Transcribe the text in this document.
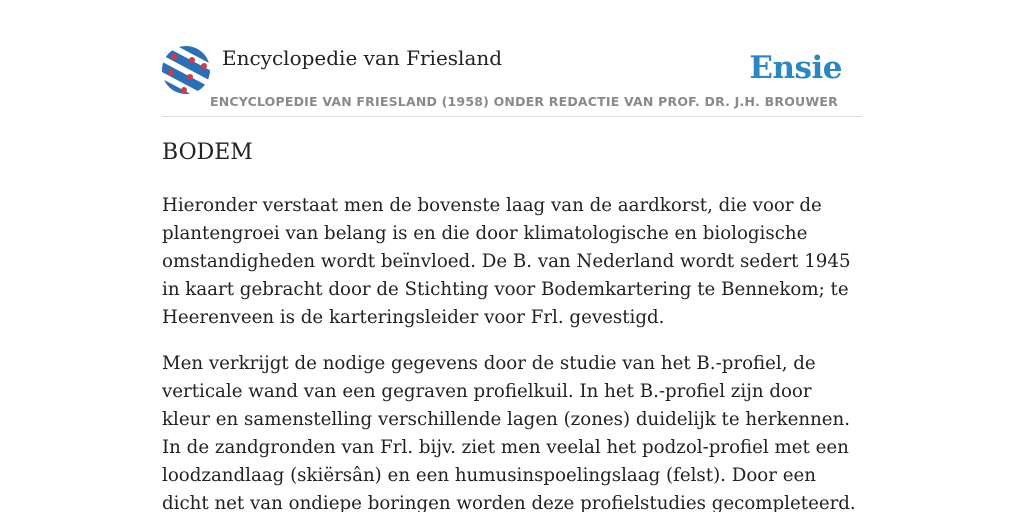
Encyclopedie van Friesland	Ensie
ENCYCLOPEDIE VAN FRIESLAND (1958) ONDER REDACTIE VAN PROF. DR. J.H. BROUWER
BODEM

Hieronder verstaat men de bovenste laag van de aardkorst, die voor de plantengroei van belang is en die door klimatologische en biologische omstandigheden wordt beïnvloed. De B. van Nederland wordt sedert 1945 in kaart gebracht door de Stichting voor Bodemkartering te Bennekom; te Heerenveen is de karteringsleider voor Frl. gevestigd.

Men verkrijgt de nodige gegevens door de studie van het B.-profiel, de verticale wand van een gegraven profielkuil. In het B.-profiel zijn door kleur en samenstelling verschillende lagen (zones) duidelijk te herkennen. In de zandgronden van Frl. bijv. ziet men veelal het podzol-profiel met een loodzandlaag (skiërsân) en een humusinspoelingslaag (felst). Door een dicht net van ondiepe boringen worden deze profielstudies gecompleteerd.
